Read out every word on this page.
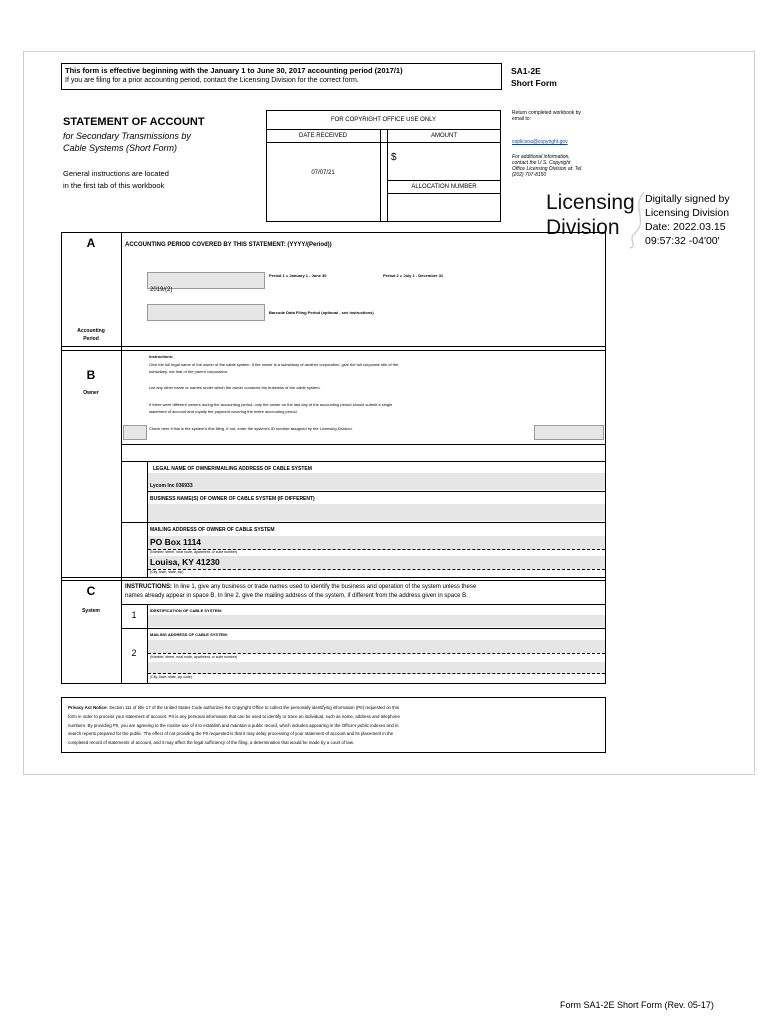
This form is effective beginning with the January 1 to June 30, 2017 accounting period (2017/1)
If you are filing for a prior accounting period, contact the Licensing Division for the correct form.
SA1-2E
Short Form
STATEMENT OF ACCOUNT
for Secondary Transmissions by
Cable Systems (Short Form)
General instructions are located
in the first tab of this workbook
FOR COPYRIGHT OFFICE USE ONLY
DATE RECEIVED	AMOUNT
$
07/07/21
ALLOCATION NUMBER
Return completed workbook by
email to:
coplicsoa@copyright.gov
For additional information,
contact the U.S. Copyright
Office Licensing Division at: Tel.
(202) 707-8150
Licensing
Division
Digitally signed by
Licensing Division
Date: 2022.03.15
09:57:32 -04'00'
A
Accounting
Period
ACCOUNTING PERIOD COVERED BY THIS STATEMENT: (YYYY/(Period))
2019/(2)
Period 1 = January 1 - June 30	Period 2 = July 1 - December 31
Barcode Data Filing Period (optional - see instructions)
B
Owner
Instructions:
Give the full legal name of the owner of the cable system. If the owner is a subsidiary of another corporation, give the full corporate title of the
subsidiary, not that of the parent corporation.
List any other name or names under which the owner conducts the business of the cable system.
If there were different owners during the accounting period, only the owner on the last day of the accounting period should submit a single
statement of account and royalty fee payment covering the entire accounting period.
Check here if this is the system's first filing. If not, enter the system's ID number assigned by the Licensing Division.
LEGAL NAME OF OWNER/MAILING ADDRESS OF CABLE SYSTEM
Lycom Inc 036933
BUSINESS NAME(S) OF OWNER OF CABLE SYSTEM (IF DIFFERENT)
MAILING ADDRESS OF OWNER OF CABLE SYSTEM
PO Box 1114
(Number, street, rural route, apartment, or suite number)
Louisa, KY 41230
(City, town, state, zip)
C
System
INSTRUCTIONS: In line 1, give any business or trade names used to identify the business and operation of the system unless these
names already appear in space B. In line 2, give the mailing address of the system, if different from the address given in space B.
1	IDENTIFICATION OF CABLE SYSTEM:
MAILING ADDRESS OF CABLE SYSTEM:
2	(Number, street, rural route, apartment, or suite number)
(City, town, state, zip code)
Privacy Act Notice: Section 111 of title 17 of the United States Code authorizes the Copyright Office to collect the personally identifying information (PII) requested on this
form in order to process your statement of account. PII is any personal information that can be used to identify or trace an individual, such as name, address and telephone
numbers. By providing PII, you are agreeing to the routine use of it to establish and maintain a public record, which includes appearing in the Office's public indexes and in
search reports prepared for the public. The effect of not providing the PII requested is that it may delay processing of your statement of account and its placement in the
completed record of statements of account, and it may affect the legal sufficiency of the filing, a determination that would be made by a court of law.
Form SA1-2E Short Form (Rev. 05-17)
